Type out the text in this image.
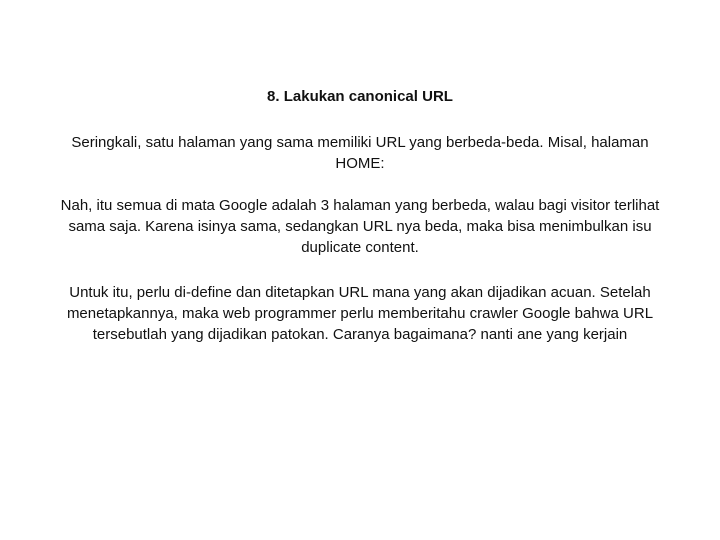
8. Lakukan canonical URL
Seringkali, satu halaman yang sama memiliki URL yang berbeda-beda. Misal, halaman HOME:
Nah, itu semua di mata Google adalah 3 halaman yang berbeda, walau bagi visitor terlihat sama saja. Karena isinya sama, sedangkan URL nya beda, maka bisa menimbulkan isu duplicate content.
Untuk itu, perlu di-define dan ditetapkan URL mana yang akan dijadikan acuan. Setelah menetapkannya, maka web programmer perlu memberitahu crawler Google bahwa URL tersebutlah yang dijadikan patokan. Caranya bagaimana? nanti ane yang kerjain
